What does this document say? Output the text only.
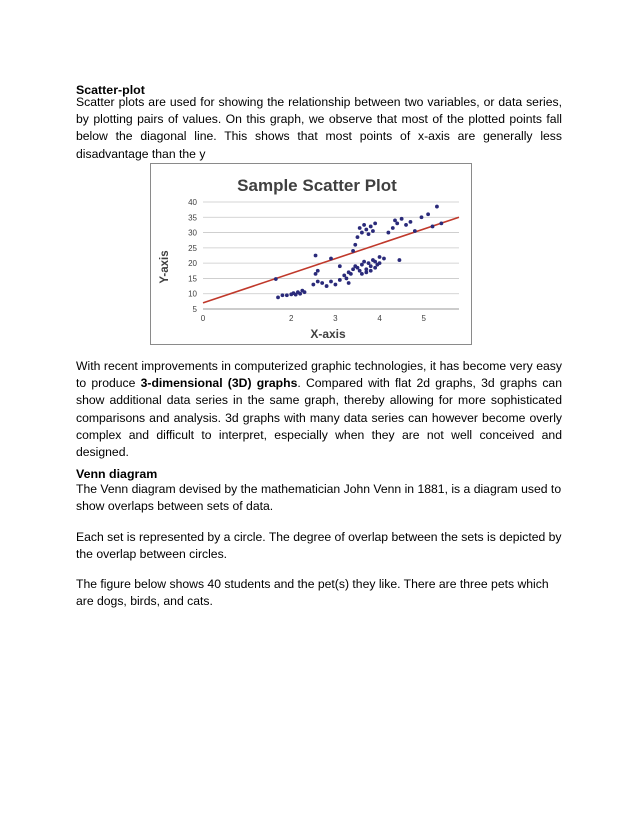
Scatter-plot
Scatter plots are used for showing the relationship between two variables, or data series, by plotting pairs of values. On this graph, we observe that most of the plotted points fall below the diagonal line. This shows that most points of x-axis are generally less disadvantage than the y
Sample Scatter Plot
Y-axis
X-axis
5
10
15
20
25
30
35
40
0	2	3	4	5
With recent improvements in computerized graphic technologies, it has become very easy to produce 3-dimensional (3D) graphs. Compared with flat 2d graphs, 3d graphs can show additional data series in the same graph, thereby allowing for more sophisticated comparisons and analysis. 3d graphs with many data series can however become overly complex and difficult to interpret, especially when they are not well conceived and designed.
Venn diagram
The Venn diagram devised by the mathematician John Venn in 1881, is a diagram used to show overlaps between sets of data.
Each set is represented by a circle. The degree of overlap between the sets is depicted by the overlap between circles.
The figure below shows 40 students and the pet(s) they like. There are three pets which are dogs, birds, and cats.
